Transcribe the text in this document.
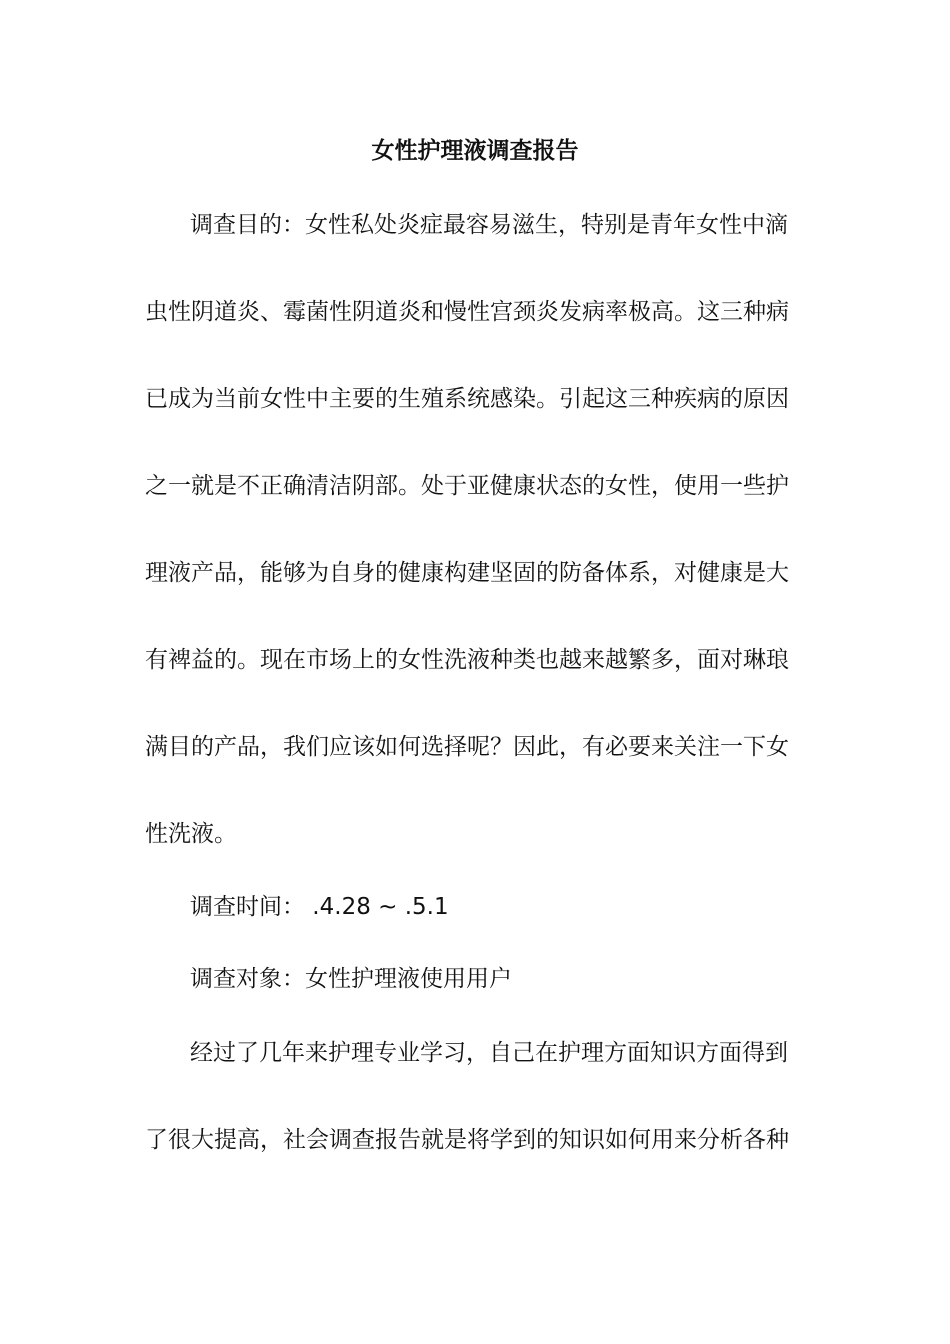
女性护理液调查报告
调查目的：女性私处炎症最容易滋生，特别是青年女性中滴
虫性阴道炎、霉菌性阴道炎和慢性宫颈炎发病率极高。这三种病
已成为当前女性中主要的生殖系统感染。引起这三种疾病的原因
之一就是不正确清洁阴部。处于亚健康状态的女性，使用一些护
理液产品，能够为自身的健康构建坚固的防备体系，对健康是大
有裨益的。现在市场上的女性洗液种类也越来越繁多，面对琳琅
满目的产品，我们应该如何选择呢？因此，有必要来关注一下女
性洗液。
调查时间： .4.28 ~ .5.1
调查对象：女性护理液使用用户
经过了几年来护理专业学习，自己在护理方面知识方面得到
了很大提高，社会调查报告就是将学到的知识如何用来分析各种
